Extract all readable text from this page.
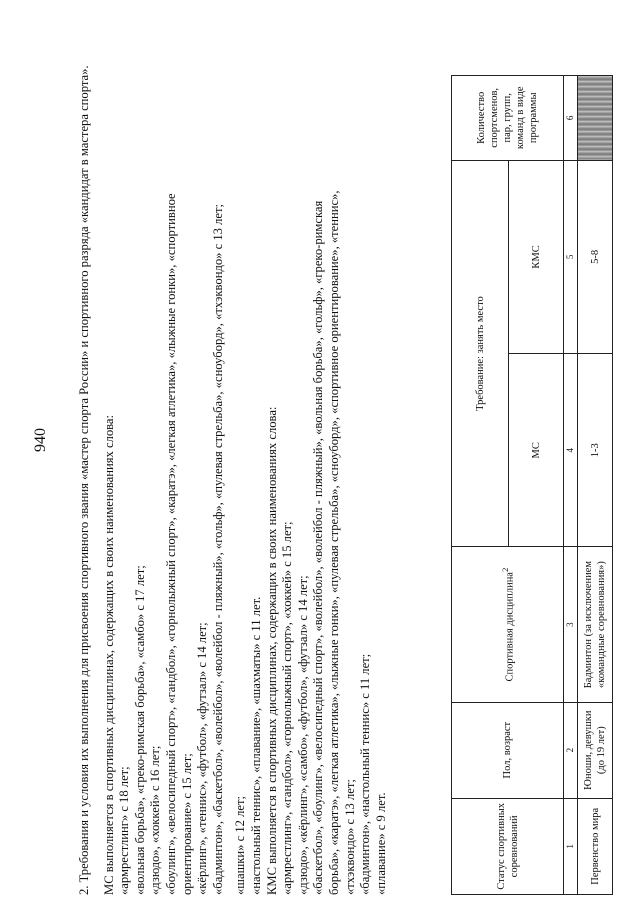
940 2. Требования и условия их выполнения для присвоения спортивного звания «мастер спорта России» и спортивного разряда «кандидат в мастера спорта». МС выполняется в спортивных дисциплинах, содержащих в своих наименованиях слова: «армрестлинг» с 18 лет; «вольная борьба», «греко-римская борьба», «самбо» с 17 лет; «дзюдо», «хоккей» с 16 лет; «боулинг», «велосипедный спорт», «гандбол», «горнолыжный спорт», «каратэ», «легкая атлетика», «лыжные гонки», «спортивное ориентирование» с 15 лет; «кёрлинг», «теннис», «футбол», «футзал» с 14 лет; «бадминтон», «баскетбол», «волейбол», «волейбол - пляжный», «гольф», «пулевая стрельба», «сноуборд», «тхэквондо» с 13 лет; «шашки» с 12 лет; «настольный теннис», «плавание», «шахматы» с 11 лет. КМС выполняется в спортивных дисциплинах, содержащих в своих наименованиях слова: «армрестлинг», «гандбол», «горнолыжный спорт», «хоккей» с 15 лет; «дзюдо», «кёрлинг», «самбо», «футбол», «футзал» с 14 лет; «баскетбол», «боулинг», «велосипедный спорт», «волейбол», «волейбол - пляжный», «вольная борьба», «гольф», «греко-римская борьба», «каратэ», «легкая атлетика», «лыжные гонки», «пулевая стрельба», «сноуборд», «спортивное ориентирование», «теннис», «тхэквондо» с 13 лет; «бадминтон», «настольный теннис» с 11 лет; «плавание» с 9 лет.	Статус спортивных соревнований	Пол, возраст	Спортивная дисциплина$^2$	Требование: занять место		Количество спортсменов, пар, групп, команд в виде программы
			МС	КМС	
1	2	3	4	5	6
Первенство мира	Юноши, девушки (до 19 лет)	Бадминтон (за исключением «командные соревнования»)	1-3	5-8	
